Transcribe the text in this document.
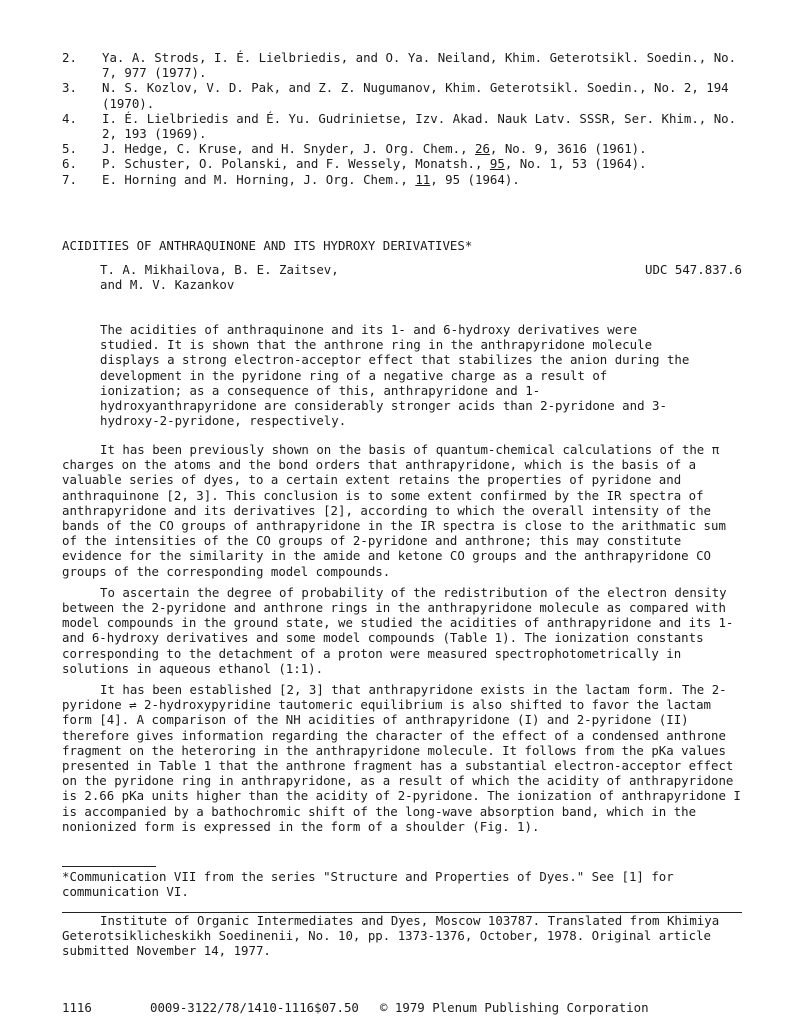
2.	Ya. A. Strods, I. É. Lielbriedis, and O. Ya. Neiland, Khim. Geterotsikl. Soedin., No. 7, 977 (1977).
3.	N. S. Kozlov, V. D. Pak, and Z. Z. Nugumanov, Khim. Geterotsikl. Soedin., No. 2, 194 (1970).
4.	I. É. Lielbriedis and É. Yu. Gudrinietse, Izv. Akad. Nauk Latv. SSSR, Ser. Khim., No. 2, 193 (1969).
5.	J. Hedge, C. Kruse, and H. Snyder, J. Org. Chem., 26, No. 9, 3616 (1961).
6.	P. Schuster, O. Polanski, and F. Wessely, Monatsh., 95, No. 1, 53 (1964).
7.	E. Horning and M. Horning, J. Org. Chem., 11, 95 (1964).
ACIDITIES OF ANTHRAQUINONE AND ITS HYDROXY DERIVATIVES*
T. A. Mikhailova, B. E. Zaitsev,
and M. V. Kazankov
UDC 547.837.6

The acidities of anthraquinone and its 1- and 6-hydroxy derivatives were studied. It is shown that the anthrone ring in the anthrapyridone molecule displays a strong electron-acceptor effect that stabilizes the anion during the development in the pyridone ring of a negative charge as a result of ionization; as a consequence of this, anthrapyridone and 1-hydroxyanthrapyridone are considerably stronger acids than 2-pyridone and 3-hydroxy-2-pyridone, respectively.

It has been previously shown on the basis of quantum-chemical calculations of the π charges on the atoms and the bond orders that anthrapyridone, which is the basis of a valuable series of dyes, to a certain extent retains the properties of pyridone and anthraquinone [2, 3]. This conclusion is to some extent confirmed by the IR spectra of anthrapyridone and its derivatives [2], according to which the overall intensity of the bands of the CO groups of anthrapyridone in the IR spectra is close to the arithmatic sum of the intensities of the CO groups of 2-pyridone and anthrone; this may constitute evidence for the similarity in the amide and ketone CO groups and the anthrapyridone CO groups of the corresponding model compounds.

To ascertain the degree of probability of the redistribution of the electron density between the 2-pyridone and anthrone rings in the anthrapyridone molecule as compared with model compounds in the ground state, we studied the acidities of anthrapyridone and its 1- and 6-hydroxy derivatives and some model compounds (Table 1). The ionization constants corresponding to the detachment of a proton were measured spectrophotometrically in solutions in aqueous ethanol (1:1).

It has been established [2, 3] that anthrapyridone exists in the lactam form. The 2-pyridone ⇌ 2-hydroxypyridine tautomeric equilibrium is also shifted to favor the lactam form [4]. A comparison of the NH acidities of anthrapyridone (I) and 2-pyridone (II) therefore gives information regarding the character of the effect of a condensed anthrone fragment on the heteroring in the anthrapyridone molecule. It follows from the pKa values presented in Table 1 that the anthrone fragment has a substantial electron-acceptor effect on the pyridone ring in anthrapyridone, as a result of which the acidity of anthrapyridone is 2.66 pKa units higher than the acidity of 2-pyridone. The ionization of anthrapyridone I is accompanied by a bathochromic shift of the long-wave absorption band, which in the nonionized form is expressed in the form of a shoulder (Fig. 1).

*Communication VII from the series "Structure and Properties of Dyes." See [1] for communication VI.

Institute of Organic Intermediates and Dyes, Moscow 103787. Translated from Khimiya Geterotsiklicheskikh Soedinenii, No. 10, pp. 1373-1376, October, 1978. Original article submitted November 14, 1977.

1116	0009-3122/78/1410-1116$07.50	© 1979 Plenum Publishing Corporation
